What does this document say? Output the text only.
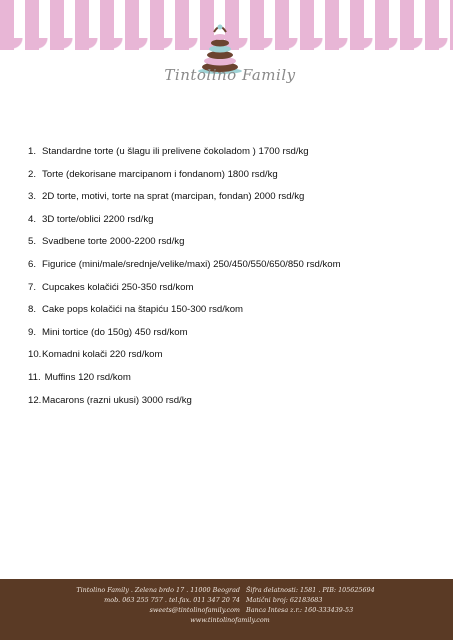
Tintolino Family
1. Standardne torte (u šlagu ili prelivene čokoladom ) 1700 rsd/kg
2. Torte (dekorisane marcipanom i fondanom) 1800 rsd/kg
3. 2D torte, motivi, torte na sprat (marcipan, fondan) 2000 rsd/kg
4. 3D torte/oblici 2200 rsd/kg
5. Svadbene torte 2000-2200 rsd/kg
6. Figurice (mini/male/srednje/velike/maxi) 250/450/550/650/850 rsd/kom
7. Cupcakes kolačići 250-350 rsd/kom
8. Cake pops kolačići na štapiću 150-300 rsd/kom
9. Mini tortice (do 150g) 450 rsd/kom
10.Komadni kolači 220 rsd/kom
11. Muffins 120 rsd/kom
12.Macarons (razni ukusi) 3000 rsd/kg
Tintolino Family . Zelena brdo 17 . 11000 Beograd
mob. 063 255 757 . tel.fax. 011 347 20 74
sweets@tintolinofamily.com
Šifra delatnosti: 1581 . PIB: 105625694
Matični broj: 62183683
Banca Intesa z.r.: 160-333439-53
www.tintolinofamily.com
